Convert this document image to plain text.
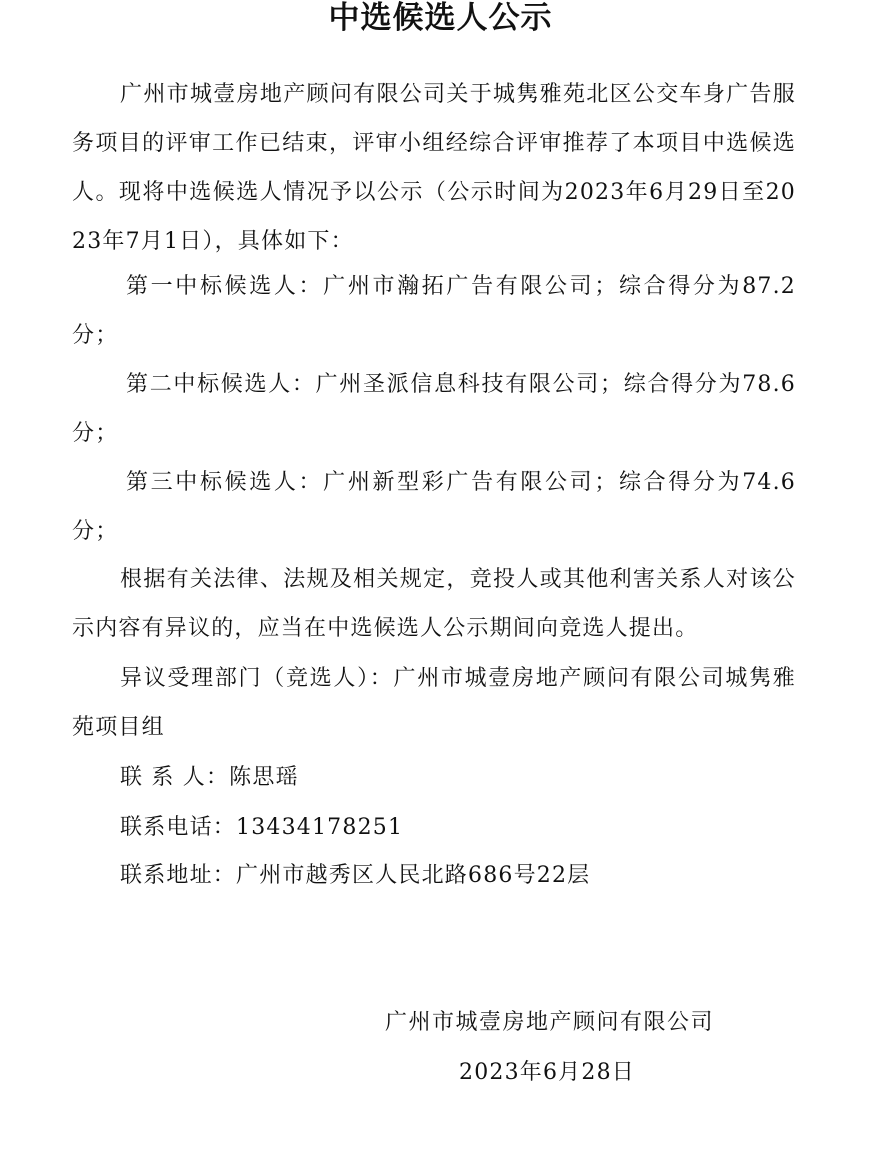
中选候选人公示
广州市城壹房地产顾问有限公司关于城隽雅苑北区公交车身广告服务项目的评审工作已结束，评审小组经综合评审推荐了本项目中选候选人。现将中选候选人情况予以公示（公示时间为2023年6月29日至2023年7月1日），具体如下：
第一中标候选人：广州市瀚拓广告有限公司；综合得分为87.2分；
第二中标候选人：广州圣派信息科技有限公司；综合得分为78.6分；
第三中标候选人：广州新型彩广告有限公司；综合得分为74.6分；
根据有关法律、法规及相关规定，竞投人或其他利害关系人对该公示内容有异议的，应当在中选候选人公示期间向竞选人提出。
异议受理部门（竞选人）：广州市城壹房地产顾问有限公司城隽雅苑项目组
联 系 人：陈思瑶
联系电话：13434178251
联系地址：广州市越秀区人民北路686号22层
广州市城壹房地产顾问有限公司
2023年6月28日
